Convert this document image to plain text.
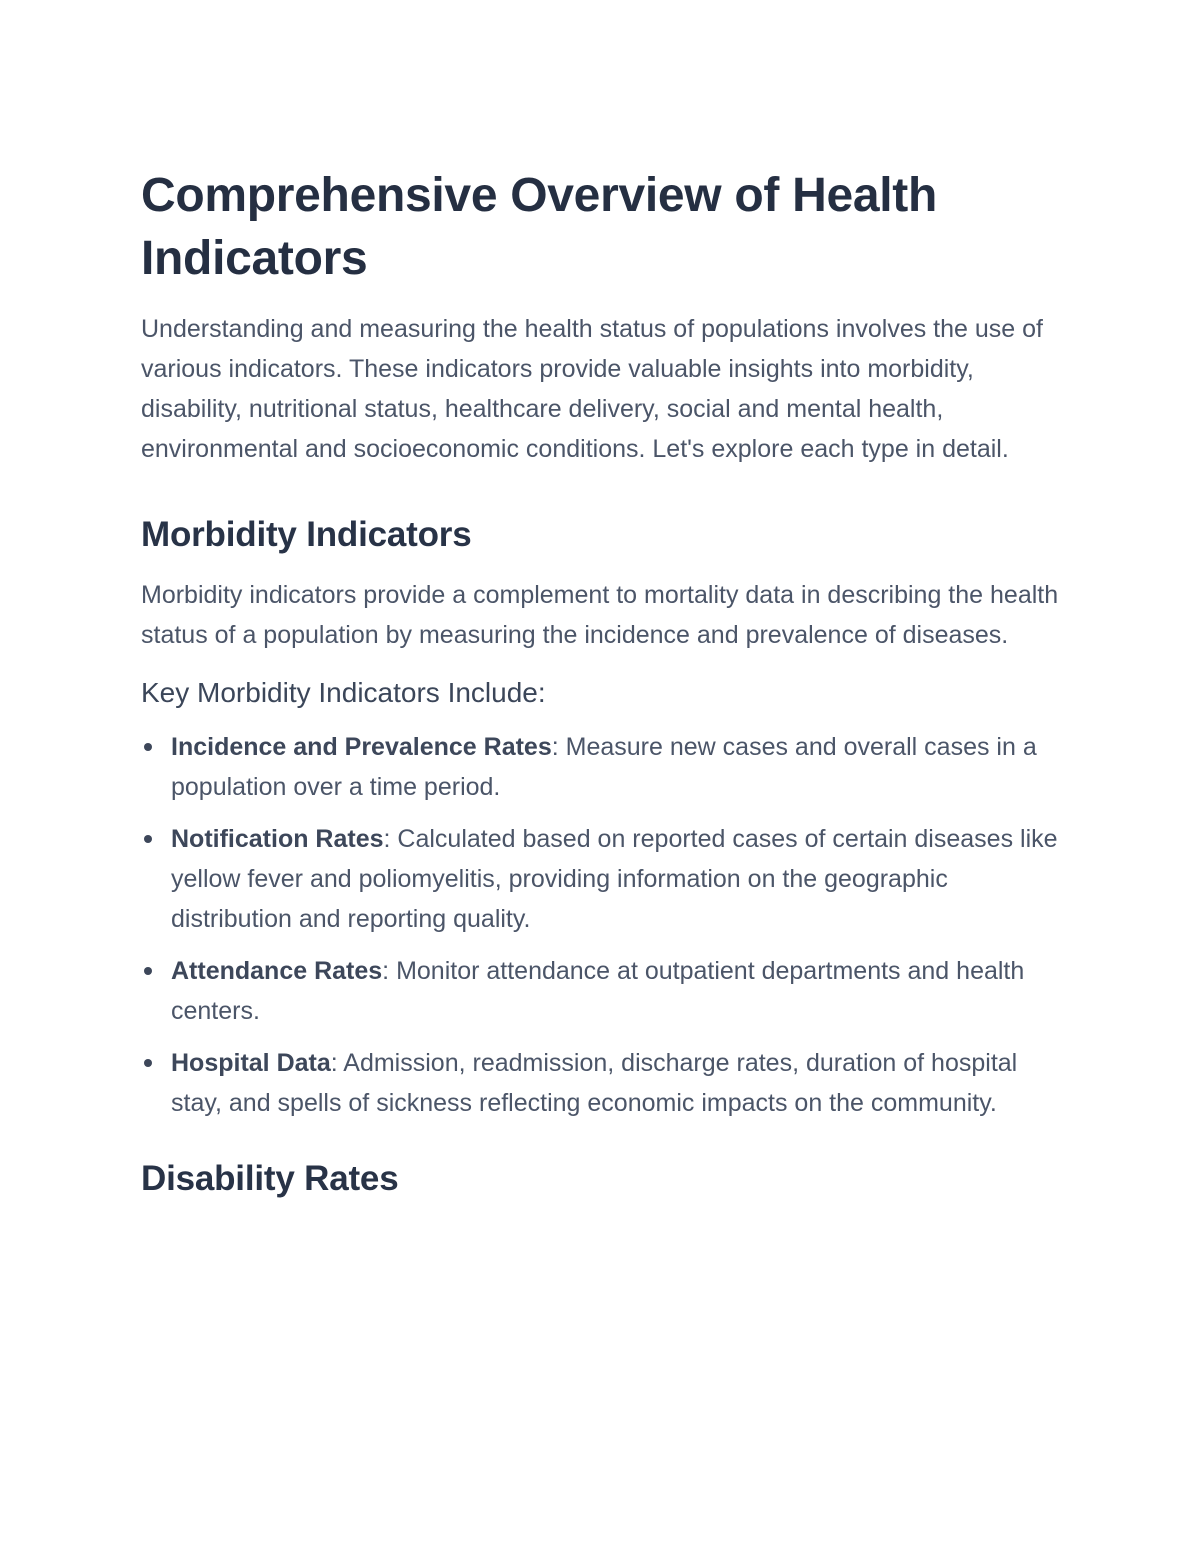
Comprehensive Overview of Health Indicators

Understanding and measuring the health status of populations involves the use of various indicators. These indicators provide valuable insights into morbidity, disability, nutritional status, healthcare delivery, social and mental health, environmental and socioeconomic conditions. Let's explore each type in detail.

Morbidity Indicators

Morbidity indicators provide a complement to mortality data in describing the health status of a population by measuring the incidence and prevalence of diseases.

Key Morbidity Indicators Include:
Incidence and Prevalence Rates: Measure new cases and overall cases in a population over a time period.
Notification Rates: Calculated based on reported cases of certain diseases like yellow fever and poliomyelitis, providing information on the geographic distribution and reporting quality.
Attendance Rates: Monitor attendance at outpatient departments and health centers.
Hospital Data: Admission, readmission, discharge rates, duration of hospital stay, and spells of sickness reflecting economic impacts on the community.
Disability Rates
